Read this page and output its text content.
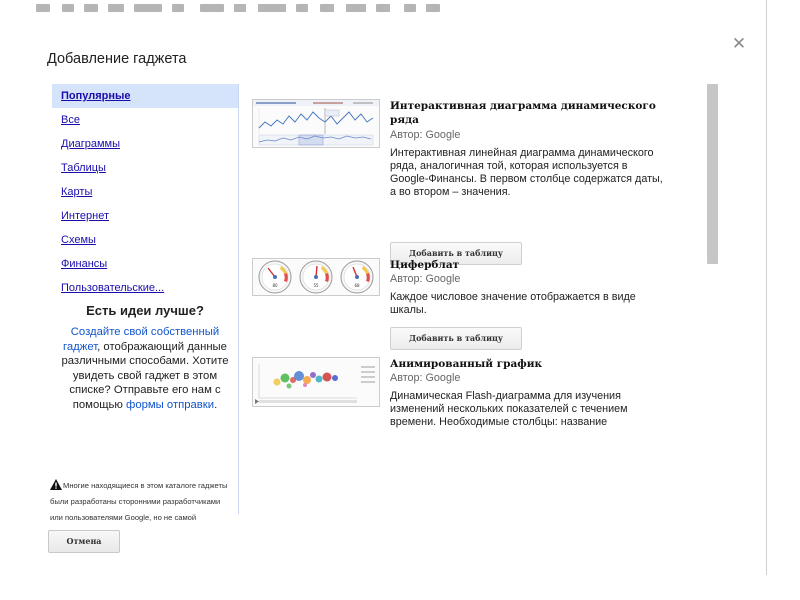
✕
Добавление гаджета
Популярные
Все
Диаграммы
Таблицы
Карты
Интернет
Схемы
Финансы
Пользовательские...
Есть идеи лучше?
Создайте свой собственный гаджет, отображающий данные различными способами. Хотите увидеть свой гаджет в этом списке? Отправьте его нам с помощью формы отправки.
Многие находящиеся в этом каталоге гаджеты были разработаны сторонними разработчиками или пользователями Google, но не самой
Отмена
Интерактивная диаграмма динамического ряда
Автор: Google
Интерактивная линейная диаграмма динамического ряда, аналогичная той, которая используется в Google-Финансы. В первом столбце содержатся даты, а во втором – значения.
Добавить в таблицу
80	55	68
Циферблат
Автор: Google
Каждое числовое значение отображается в виде шкалы.
Добавить в таблицу
Анимированный график
Автор: Google
Динамическая Flash-диаграмма для изучения изменений нескольких показателей с течением времени. Необходимые столбцы: название
